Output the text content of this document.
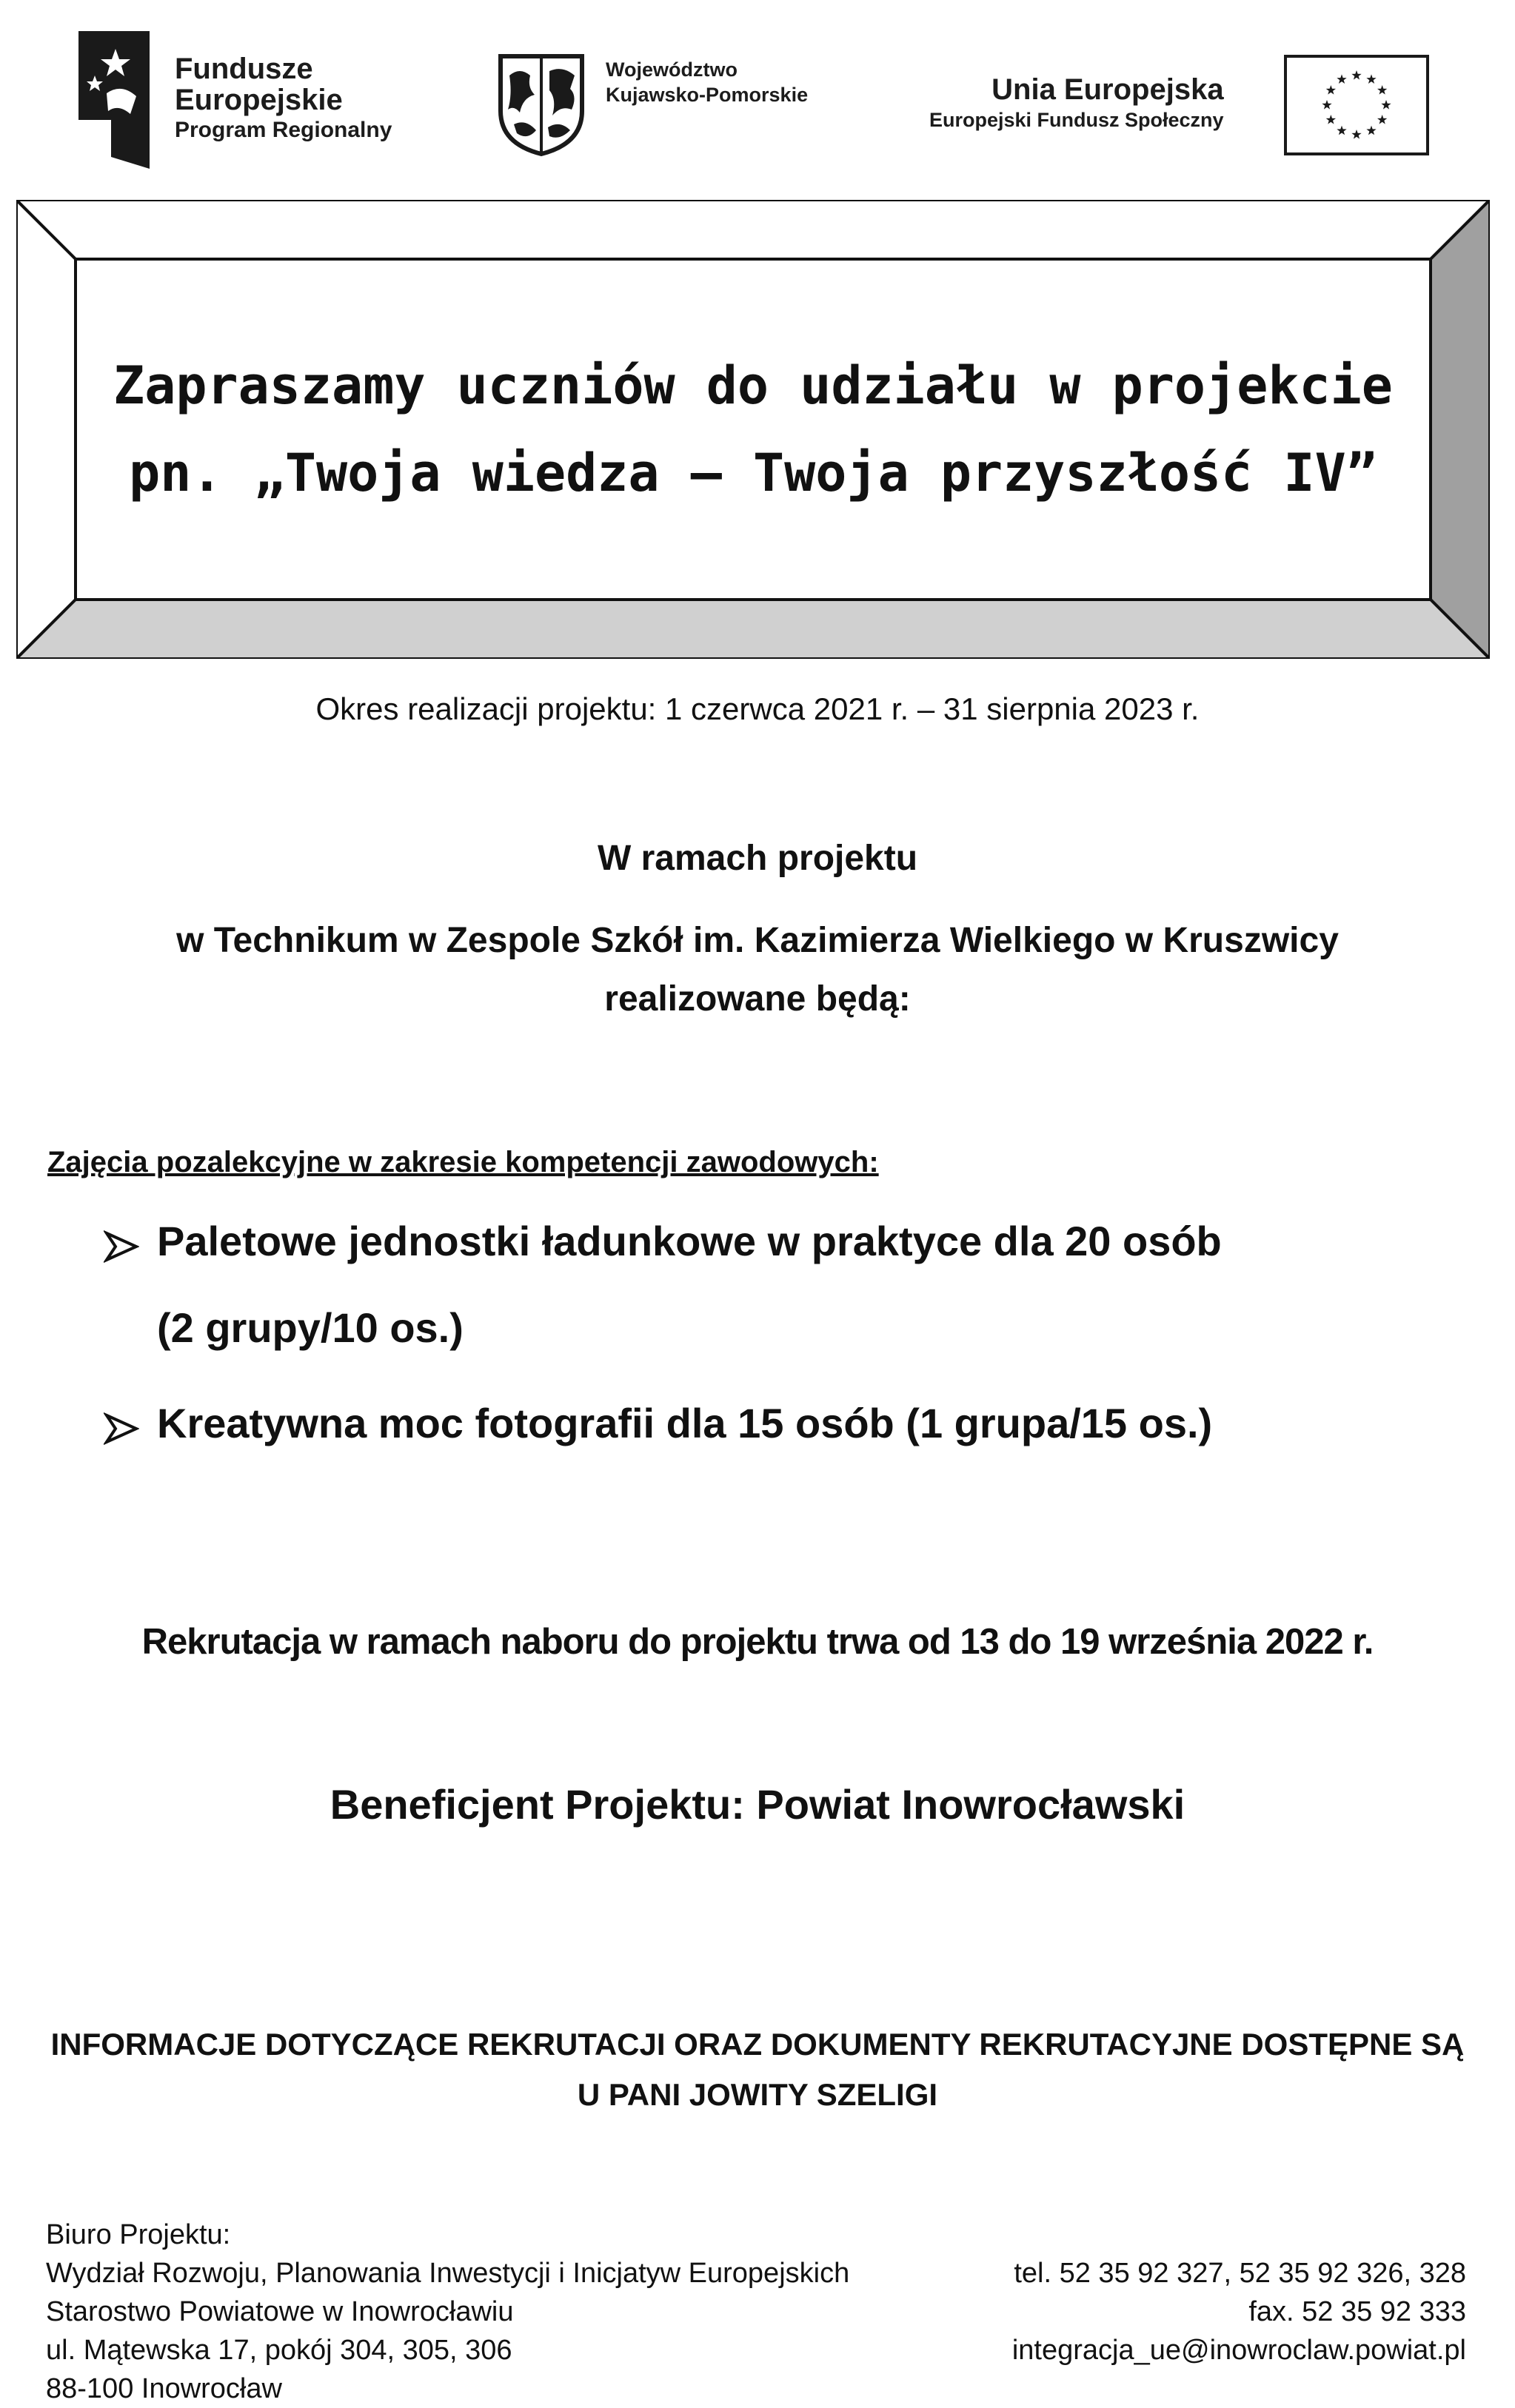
Fundusze
Europejskie
Program Regionalny
Województwo
Kujawsko-Pomorskie	Unia Europejska
Europejski Fundusz Społeczny
Zapraszamy uczniów do udziału w projekcie
pn. „Twoja wiedza – Twoja przyszłość IV”
Okres realizacji projektu: 1 czerwca 2021 r. – 31 sierpnia 2023 r.
W ramach projektu
w Technikum w Zespole Szkół im. Kazimierza Wielkiego w Kruszwicy
realizowane będą:
Zajęcia pozalekcyjne w zakresie kompetencji zawodowych:
Paletowe jednostki ładunkowe w praktyce dla 20 osób
(2 grupy/10 os.)
Kreatywna moc fotografii dla 15 osób (1 grupa/15 os.)
Rekrutacja w ramach naboru do projektu trwa od 13 do 19 września 2022 r.
Beneficjent Projektu: Powiat Inowrocławski
INFORMACJE DOTYCZĄCE REKRUTACJI ORAZ DOKUMENTY REKRUTACYJNE DOSTĘPNE SĄ
U PANI JOWITY SZELIGI
Biuro Projektu:
Wydział Rozwoju, Planowania Inwestycji i Inicjatyw Europejskich
Starostwo Powiatowe w Inowrocławiu
ul. Mątewska 17, pokój 304, 305, 306
88-100 Inowrocław
tel. 52 35 92 327, 52 35 92 326, 328
fax. 52 35 92 333
integracja_ue@inowroclaw.powiat.pl
